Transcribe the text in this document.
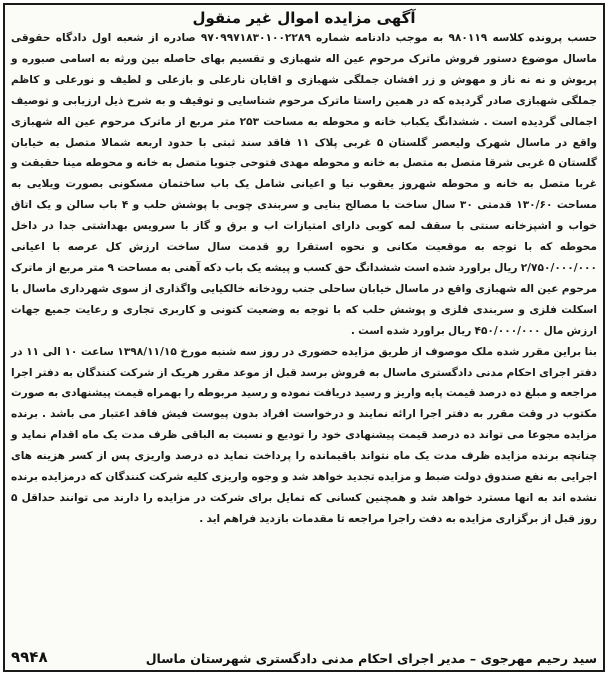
آگهی مزایده اموال غیر منقول

حسب پرونده کلاسه ۹۸۰۱۱۹ به موجب دادنامه شماره ۹۷۰۹۹۷۱۸۳۰۱۰۰۲۲۸۹ صادره از شعبه اول دادگاه حقوقی ماسال موضوع دستور فروش ماترک مرحوم عین اله شهبازی و تقسیم بهای حاصله بین ورثه به اسامی صبوره و پریوش و نه نه ناز و مهوش و زر افشان جملگی شهبازی و اقایان نارعلی و بازعلی و لطیف و نورعلی و کاظم جملگی شهبازی صادر گردیده که در همین راستا ماترک مرحوم شناسایی و توقیف و به شرح ذیل ارزیابی و توصیف اجمالی گردیده است . ششدانگ یکباب خانه و محوطه به مساحت ۲۵۳ متر مربع از ماترک مرحوم عین اله شهبازی واقع در ماسال شهرک ولیعصر گلستان ۵ غربی پلاک ۱۱ فاقد سند ثبتی با حدود اربعه شمالا متصل به خیابان گلستان ۵ غربی شرقا متصل به متصل به خانه و محوطه مهدی فتوحی جنوبا متصل به خانه و محوطه مینا حقیقت و غربا متصل به خانه و محوطه شهروز یعقوب نیا و اعیانی شامل یک باب ساختمان مسکونی بصورت ویلایی به مساحت ۱۳۰/۶۰ قدمتی ۳۰ سال ساخت با مصالح بنایی و سربندی چوبی با پوشش حلب و ۴ باب سالن و یک اتاق خواب و اشپزخانه سنتی با سقف لمه کوبی دارای امتیازات اب و برق و گاز با سرویس بهداشتی جدا در داخل محوطه که با توجه به موقعیت مکانی و نحوه استقرا رو قدمت سال ساخت ارزش کل عرصه با اعیانی ۲/۷۵۰/۰۰۰/۰۰۰ ریال براورد شده است ششدانگ حق کسب و پیشه یک باب دکه آهنی به مساحت ۹ متر مربع از ماترک مرحوم عین اله شهبازی واقع در ماسال خیابان ساحلی جنب رودخانه خالکیایی واگذاری از سوی شهرداری ماسال با اسکلت فلزی و سربندی فلزی و پوشش حلب که با توجه به وضعیت کنونی و کاربری تجاری و رعایت جمیع جهات ارزش مال ۴۵۰/۰۰۰/۰۰۰ ریال براورد شده است .

بنا براین مقرر شده ملک موصوف از طریق مزایده حضوری در روز سه شنبه مورخ ۱۳۹۸/۱۱/۱۵ ساعت ۱۰ الی ۱۱ در دفتر اجرای احکام مدنی دادگستری ماسال به فروش برسد قبل از موعد مقرر هریک از شرکت کنندگان به دفتر اجرا مراجعه و مبلغ ده درصد قیمت پایه واریز و رسید دریافت نموده و رسید مربوطه را بهمراه قیمت پیشنهادی به صورت مکتوب در وقت مقرر به دفتر اجرا ارائه نمایند و درخواست افراد بدون پیوست فیش فاقد اعتبار می باشد . برنده مزایده مجوعا می تواند ده درصد قیمت پیشنهادی خود را تودیع و نسبت به الباقی ظرف مدت یک ماه اقدام نماید و چنانچه برنده مزایده ظرف مدت یک ماه نتواند باقیمانده را پرداخت نماید ده درصد واریزی پس از کسر هزینه های اجرایی به نفع صندوق دولت ضبط و مزایده تجدید خواهد شد و وجوه واریزی کلیه شرکت کنندگان که درمزایده برنده نشده اند به انها مسترد خواهد شد و همچنین کسانی که تمایل برای شرکت در مزایده را دارند می توانند حداقل ۵ روز قبل از برگزاری مزایده به دفت راجرا مراجعه تا مقدمات بازدید فراهم اید .

سید رحیم مهرجوی – مدیر اجرای احکام مدنی دادگستری شهرستان ماسال
۹۹۴۸
